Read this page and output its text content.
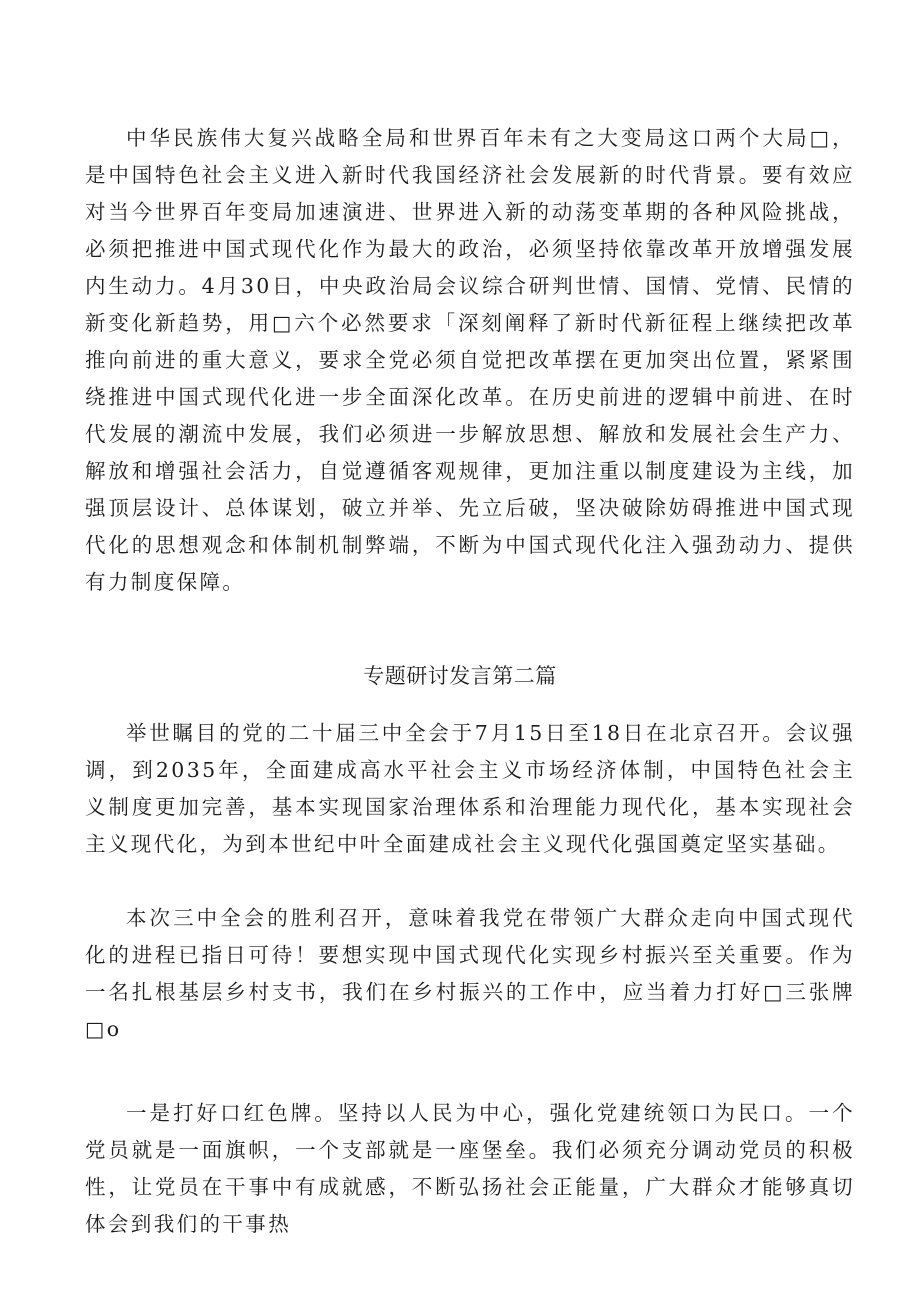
中华民族伟大复兴战略全局和世界百年未有之大变局这口两个大局□，是中国特色社会主义进入新时代我国经济社会发展新的时代背景。要有效应对当今世界百年变局加速演进、世界进入新的动荡变革期的各种风险挑战，必须把推进中国式现代化作为最大的政治，必须坚持依靠改革开放增强发展内生动力。4月30日，中央政治局会议综合研判世情、国情、党情、民情的新变化新趋势，用□六个必然要求「深刻阐释了新时代新征程上继续把改革推向前进的重大意义，要求全党必须自觉把改革摆在更加突出位置，紧紧围绕推进中国式现代化进一步全面深化改革。在历史前进的逻辑中前进、在时代发展的潮流中发展，我们必须进一步解放思想、解放和发展社会生产力、解放和增强社会活力，自觉遵循客观规律，更加注重以制度建设为主线，加强顶层设计、总体谋划，破立并举、先立后破，坚决破除妨碍推进中国式现代化的思想观念和体制机制弊端，不断为中国式现代化注入强劲动力、提供有力制度保障。

专题研讨发言第二篇

举世瞩目的党的二十届三中全会于7月15日至18日在北京召开。会议强调，到2035年，全面建成高水平社会主义市场经济体制，中国特色社会主义制度更加完善，基本实现国家治理体系和治理能力现代化，基本实现社会主义现代化，为到本世纪中叶全面建成社会主义现代化强国奠定坚实基础。

本次三中全会的胜利召开，意味着我党在带领广大群众走向中国式现代化的进程已指日可待！要想实现中国式现代化实现乡村振兴至关重要。作为一名扎根基层乡村支书，我们在乡村振兴的工作中，应当着力打好□三张牌□o

一是打好口红色牌。坚持以人民为中心，强化党建统领口为民口。一个党员就是一面旗帜，一个支部就是一座堡垒。我们必须充分调动党员的积极性，让党员在干事中有成就感，不断弘扬社会正能量，广大群众才能够真切体会到我们的干事热
